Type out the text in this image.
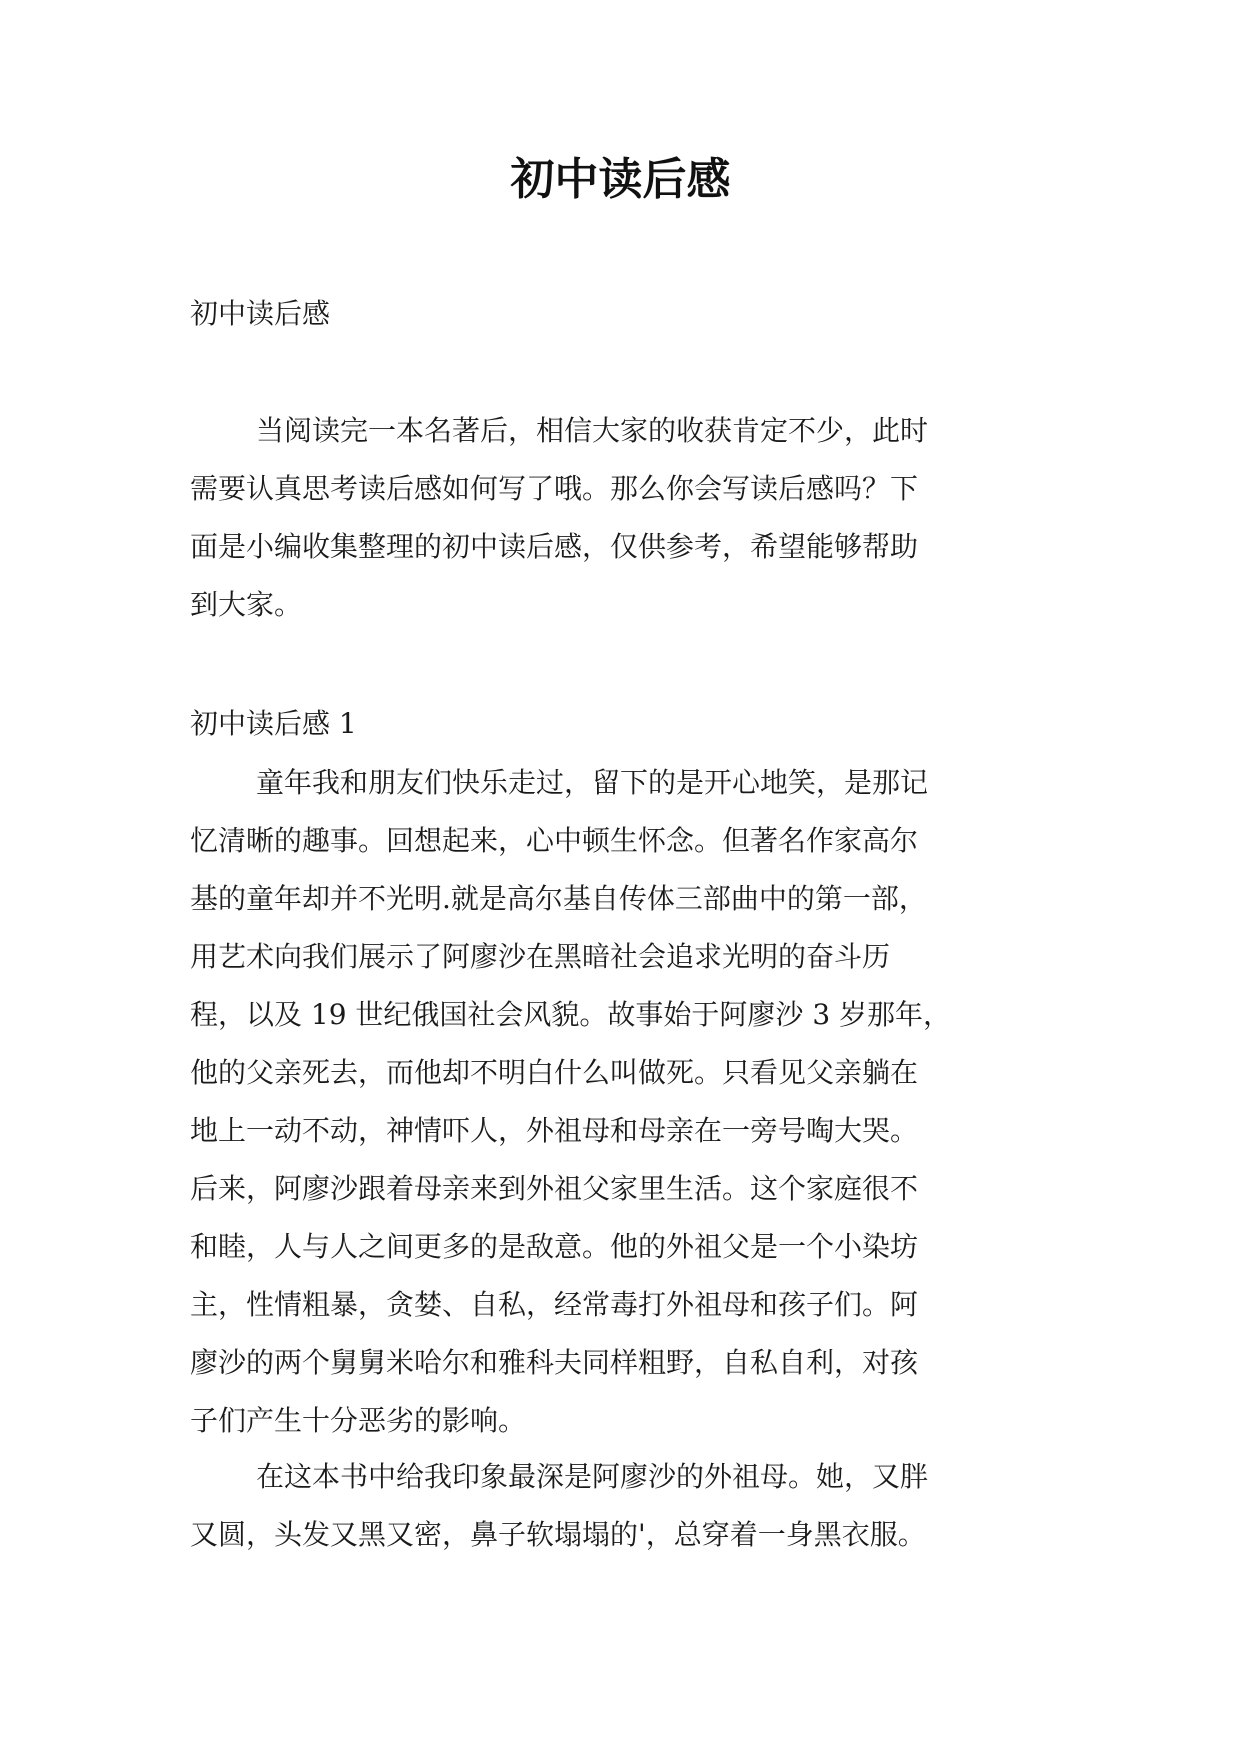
初中读后感

初中读后感

当阅读完一本名著后，相信大家的收获肯定不少，此时
需要认真思考读后感如何写了哦。那么你会写读后感吗？下
面是小编收集整理的初中读后感，仅供参考，希望能够帮助
到大家。

初中读后感 1

童年我和朋友们快乐走过，留下的是开心地笑，是那记
忆清晰的趣事。回想起来，心中顿生怀念。但著名作家高尔
基的童年却并不光明.就是高尔基自传体三部曲中的第一部，
用艺术向我们展示了阿廖沙在黑暗社会追求光明的奋斗历
程，以及 19 世纪俄国社会风貌。故事始于阿廖沙 3 岁那年，
他的父亲死去，而他却不明白什么叫做死。只看见父亲躺在
地上一动不动，神情吓人，外祖母和母亲在一旁号啕大哭。
后来，阿廖沙跟着母亲来到外祖父家里生活。这个家庭很不
和睦，人与人之间更多的是敌意。他的外祖父是一个小染坊
主，性情粗暴，贪婪、自私，经常毒打外祖母和孩子们。阿
廖沙的两个舅舅米哈尔和雅科夫同样粗野，自私自利，对孩
子们产生十分恶劣的影响。
在这本书中给我印象最深是阿廖沙的外祖母。她，又胖
又圆，头发又黑又密，鼻子软塌塌的'，总穿着一身黑衣服。
